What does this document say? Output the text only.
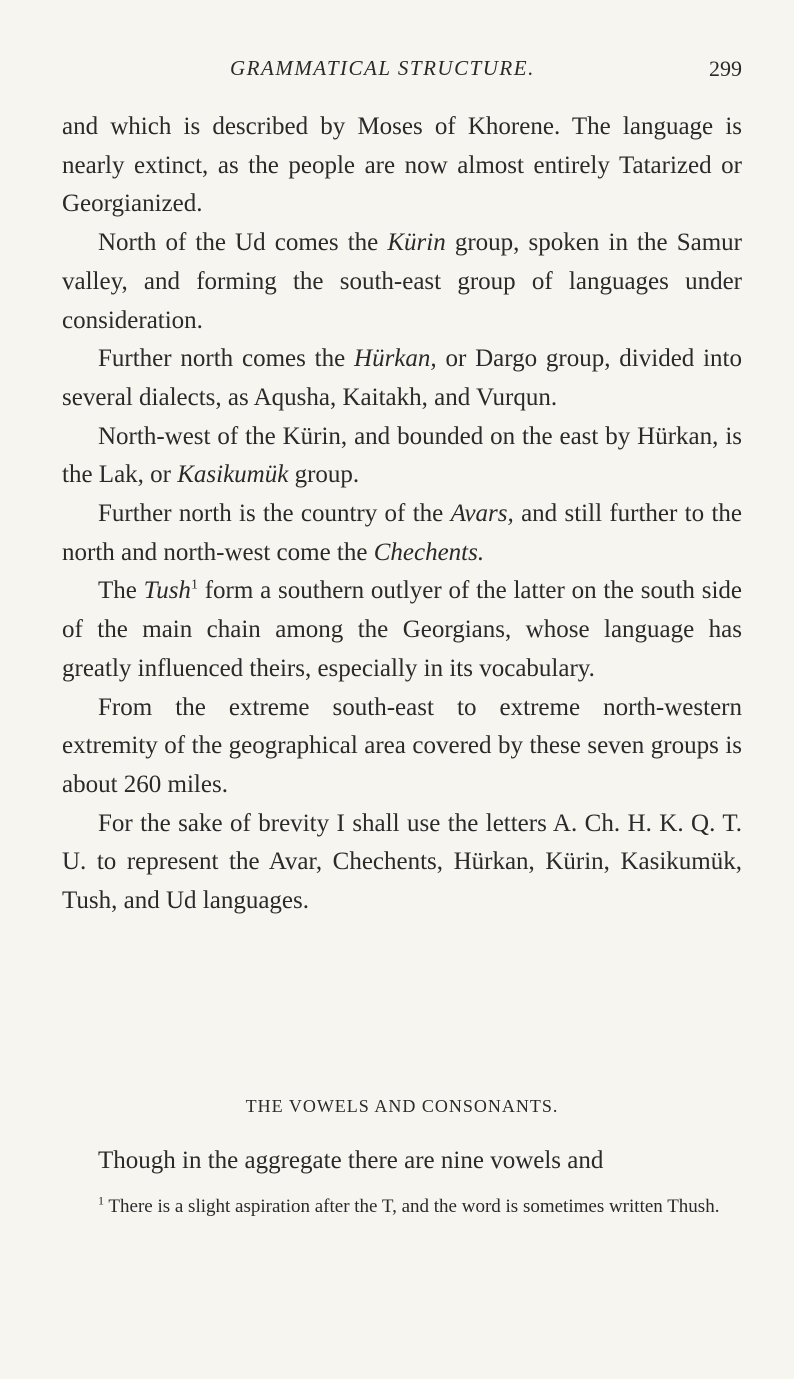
GRAMMATICAL STRUCTURE.	299

and which is described by Moses of Khorene. The language is nearly extinct, as the people are now almost entirely Tatarized or Georgianized.

North of the Ud comes the Kürin group, spoken in the Samur valley, and forming the south-east group of languages under consideration.

Further north comes the Hürkan, or Dargo group, divided into several dialects, as Aqusha, Kaitakh, and Vurqun.

North-west of the Kürin, and bounded on the east by Hürkan, is the Lak, or Kasikumük group.

Further north is the country of the Avars, and still further to the north and north-west come the Chechents.

The Tush$^1$ form a southern outlyer of the latter on the south side of the main chain among the Georgians, whose language has greatly influenced theirs, especially in its vocabulary.

From the extreme south-east to extreme north-western extremity of the geographical area covered by these seven groups is about 260 miles.

For the sake of brevity I shall use the letters A. Ch. H. K. Q. T. U. to represent the Avar, Chechents, Hürkan, Kürin, Kasikumük, Tush, and Ud languages.

THE VOWELS AND CONSONANTS.
Though in the aggregate there are nine vowels and
$^1$ There is a slight aspiration after the T, and the word is sometimes written Thush.
